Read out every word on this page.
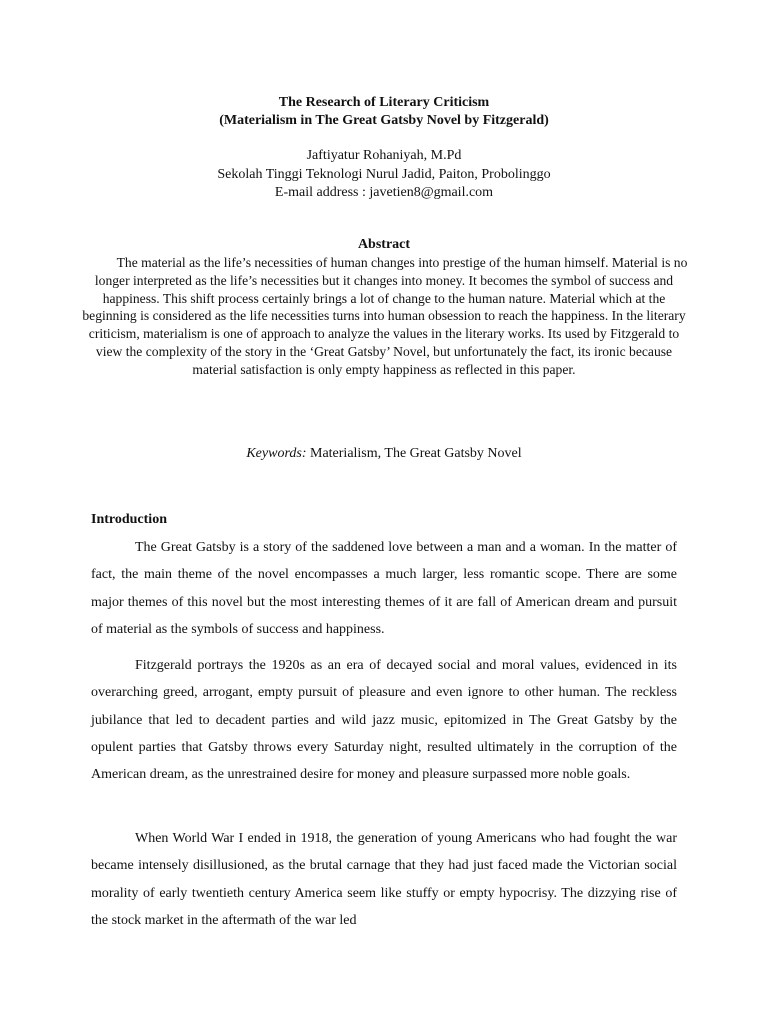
The Research of Literary Criticism
(Materialism in The Great Gatsby Novel by Fitzgerald)
Jaftiyatur Rohaniyah, M.Pd
Sekolah Tinggi Teknologi Nurul Jadid, Paiton, Probolinggo
E-mail address : javetien8@gmail.com
Abstract
The material as the life’s necessities of human changes into prestige of the human himself. Material is no longer interpreted as the life’s necessities but it changes into money. It becomes the symbol of success and happiness. This shift process certainly brings a lot of change to the human nature. Material which at the beginning is considered as the life necessities turns into human obsession to reach the happiness. In the literary criticism, materialism is one of approach to analyze the values in the literary works. Its used by Fitzgerald to view the complexity of the story in the ‘Great Gatsby’ Novel, but unfortunately the fact, its ironic because material satisfaction is only empty happiness as reflected in this paper.
Keywords: Materialism, The Great Gatsby Novel
Introduction

The Great Gatsby is a story of the saddened love between a man and a woman. In the matter of fact, the main theme of the novel encompasses a much larger, less romantic scope. There are some major themes of this novel but the most interesting themes of it are fall of American dream and pursuit of material as the symbols of success and happiness.

Fitzgerald portrays the 1920s as an era of decayed social and moral values, evidenced in its overarching greed, arrogant, empty pursuit of pleasure and even ignore to other human. The reckless jubilance that led to decadent parties and wild jazz music, epitomized in The Great Gatsby by the opulent parties that Gatsby throws every Saturday night, resulted ultimately in the corruption of the American dream, as the unrestrained desire for money and pleasure surpassed more noble goals.

When World War I ended in 1918, the generation of young Americans who had fought the war became intensely disillusioned, as the brutal carnage that they had just faced made the Victorian social morality of early twentieth century America seem like stuffy or empty hypocrisy. The dizzying rise of the stock market in the aftermath of the war led
